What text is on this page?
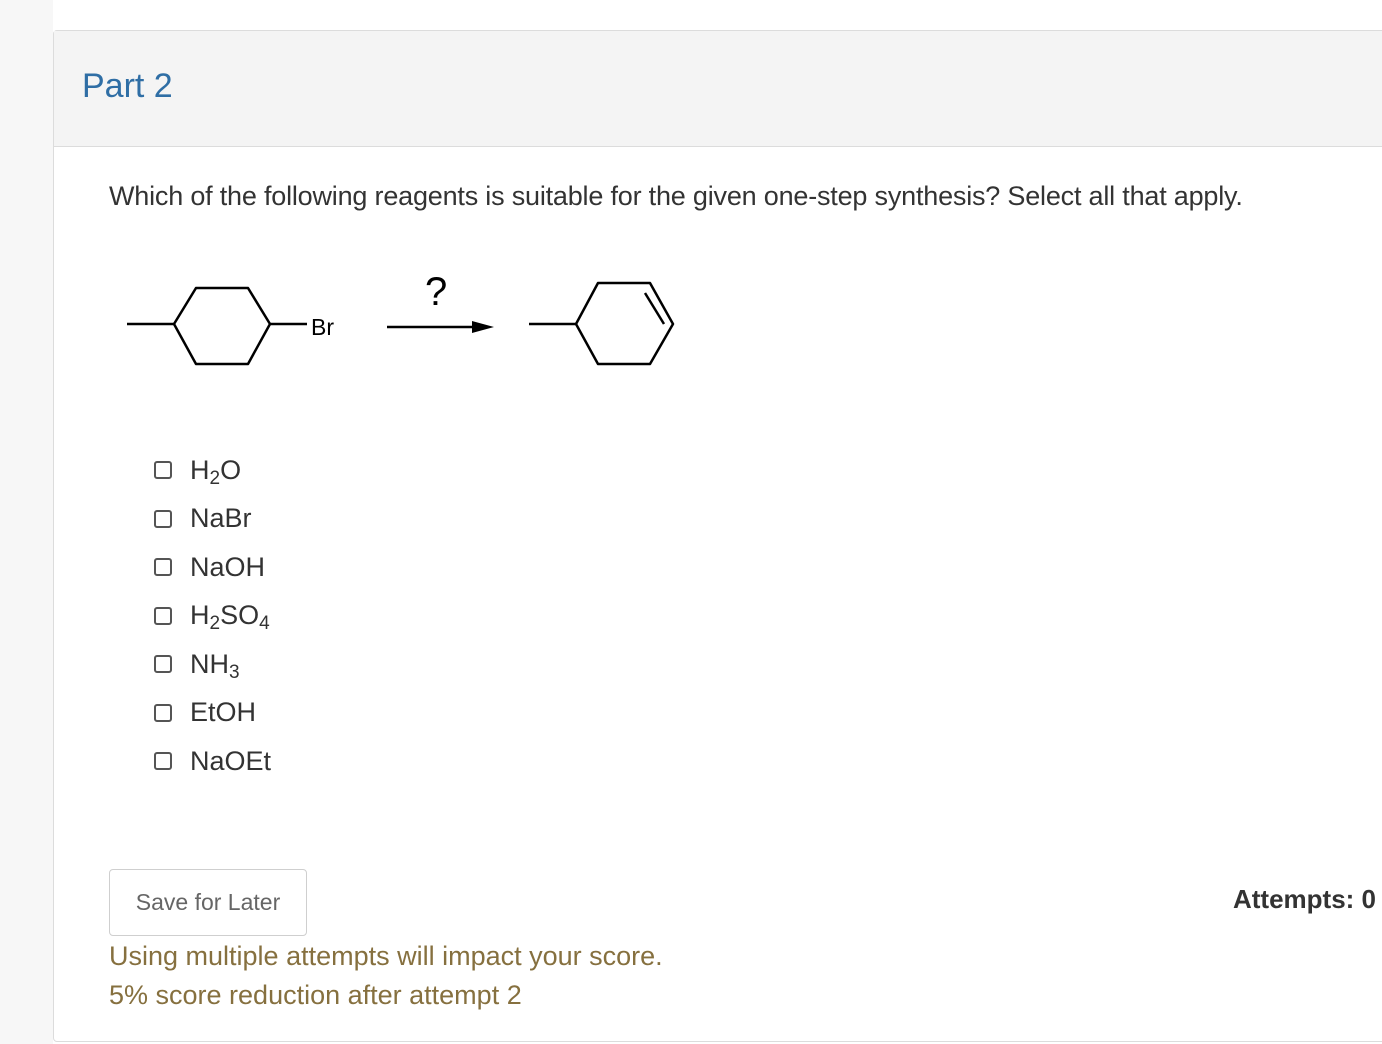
Part 2

Which of the following reagents is suitable for the given one-step synthesis? Select all that apply.

Br
?
$H_2O$
NaBr
NaOH
$H_2SO_4$
$NH_3$
EtOH
NaOEt
Save for Later	Attempts: 0

Using multiple attempts will impact your score.

5% score reduction after attempt 2
